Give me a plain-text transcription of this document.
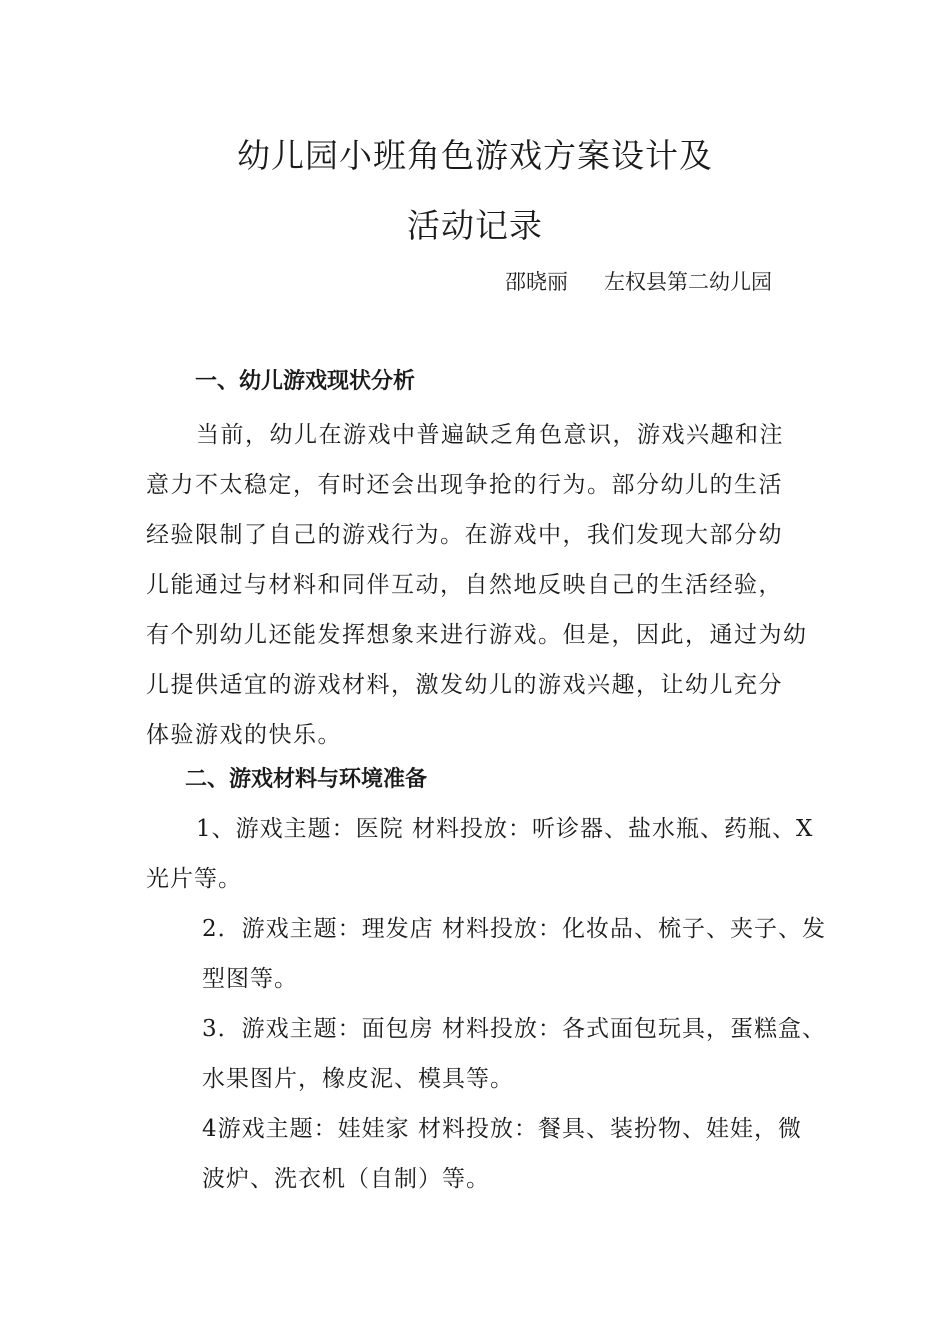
幼儿园小班角色游戏方案设计及
活动记录
邵晓丽 左权县第二幼儿园
一、幼儿游戏现状分析
当前，幼儿在游戏中普遍缺乏角色意识，游戏兴趣和注
意力不太稳定，有时还会出现争抢的行为。部分幼儿的生活
经验限制了自己的游戏行为。在游戏中，我们发现大部分幼
儿能通过与材料和同伴互动，自然地反映自己的生活经验，
有个别幼儿还能发挥想象来进行游戏。但是，因此，通过为幼
儿提供适宜的游戏材料，激发幼儿的游戏兴趣，让幼儿充分
体验游戏的快乐。
二、游戏材料与环境准备
1、游戏主题：医院 材料投放：听诊器、盐水瓶、药瓶、X
光片等。
2．游戏主题：理发店 材料投放：化妆品、梳子、夹子、发
型图等。
3．游戏主题：面包房 材料投放：各式面包玩具，蛋糕盒、
水果图片，橡皮泥、模具等。
4游戏主题：娃娃家 材料投放：餐具、装扮物、娃娃，微
波炉、洗衣机（自制）等。
